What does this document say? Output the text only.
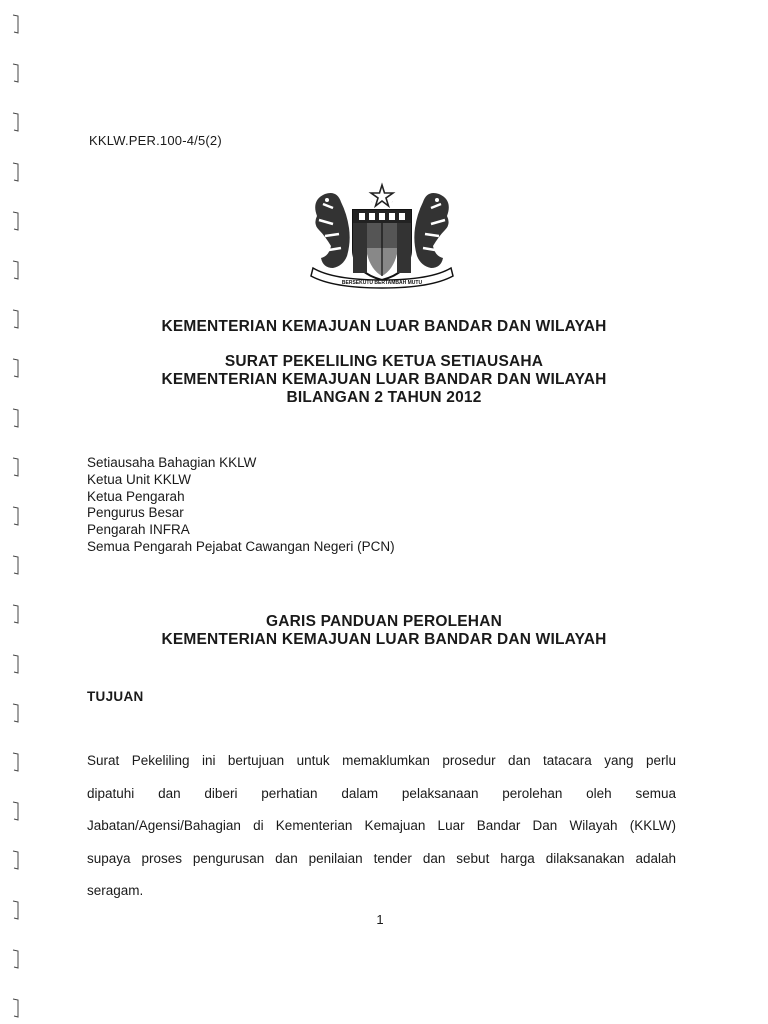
KKLW.PER.100-4/5(2)
BERSEKUTU BERTAMBAH MUTU
KEMENTERIAN KEMAJUAN LUAR BANDAR DAN WILAYAH
SURAT PEKELILING KETUA SETIAUSAHA
KEMENTERIAN KEMAJUAN LUAR BANDAR DAN WILAYAH
BILANGAN 2 TAHUN 2012
Setiausaha Bahagian KKLW
Ketua Unit KKLW
Ketua Pengarah
Pengurus Besar
Pengarah INFRA
Semua Pengarah Pejabat Cawangan Negeri (PCN)
GARIS PANDUAN PEROLEHAN
KEMENTERIAN KEMAJUAN LUAR BANDAR DAN WILAYAH
TUJUAN
Surat Pekeliling ini bertujuan untuk memaklumkan prosedur dan tatacara yang perlu
dipatuhi dan diberi perhatian dalam pelaksanaan perolehan oleh semua
Jabatan/Agensi/Bahagian di Kementerian Kemajuan Luar Bandar Dan Wilayah (KKLW)
supaya proses pengurusan dan penilaian tender dan sebut harga dilaksanakan adalah
seragam.
1
